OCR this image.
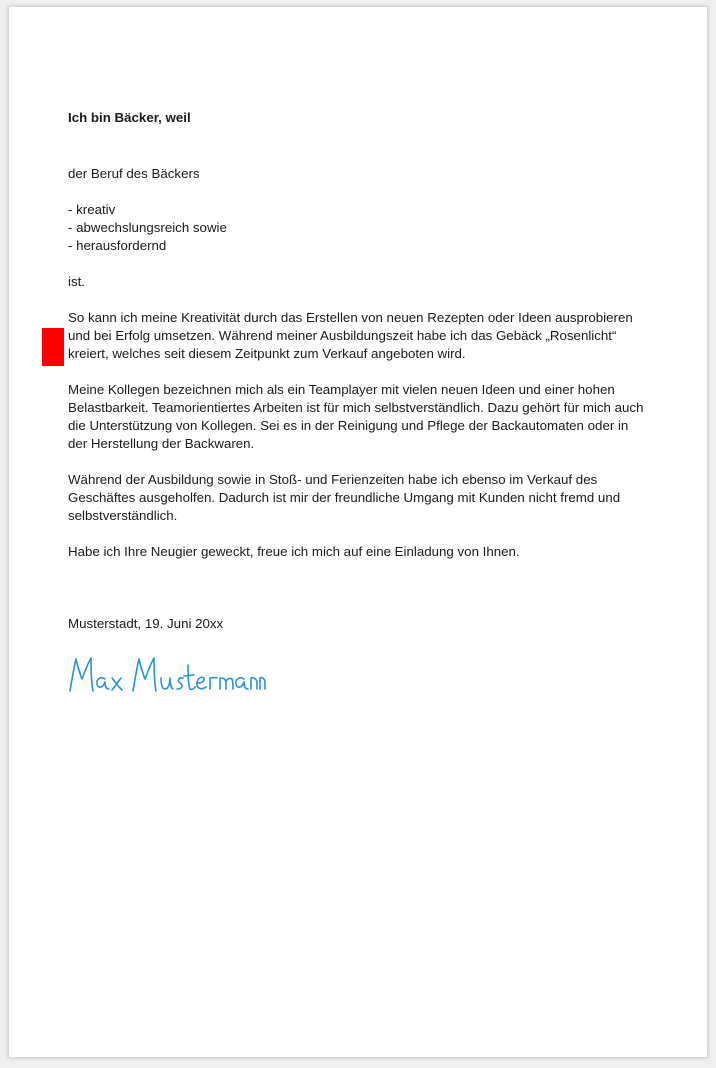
Ich bin Bäcker, weil

der Beruf des Bäckers

- kreativ
- abwechslungsreich sowie
- herausfordernd

ist.

So kann ich meine Kreativität durch das Erstellen von neuen Rezepten oder Ideen ausprobieren und bei Erfolg umsetzen. Während meiner Ausbildungszeit habe ich das Gebäck „Rosenlicht“ kreiert, welches seit diesem Zeitpunkt zum Verkauf angeboten wird.

Meine Kollegen bezeichnen mich als ein Teamplayer mit vielen neuen Ideen und einer hohen Belastbarkeit. Teamorientiertes Arbeiten ist für mich selbstverständlich. Dazu gehört für mich auch die Unterstützung von Kollegen. Sei es in der Reinigung und Pflege der Backautomaten oder in der Herstellung der Backwaren.

Während der Ausbildung sowie in Stoß- und Ferienzeiten habe ich ebenso im Verkauf des Geschäftes ausgeholfen. Dadurch ist mir der freundliche Umgang mit Kunden nicht fremd und selbstverständlich.

Habe ich Ihre Neugier geweckt, freue ich mich auf eine Einladung von Ihnen.

Musterstadt, 19. Juni 20xx
